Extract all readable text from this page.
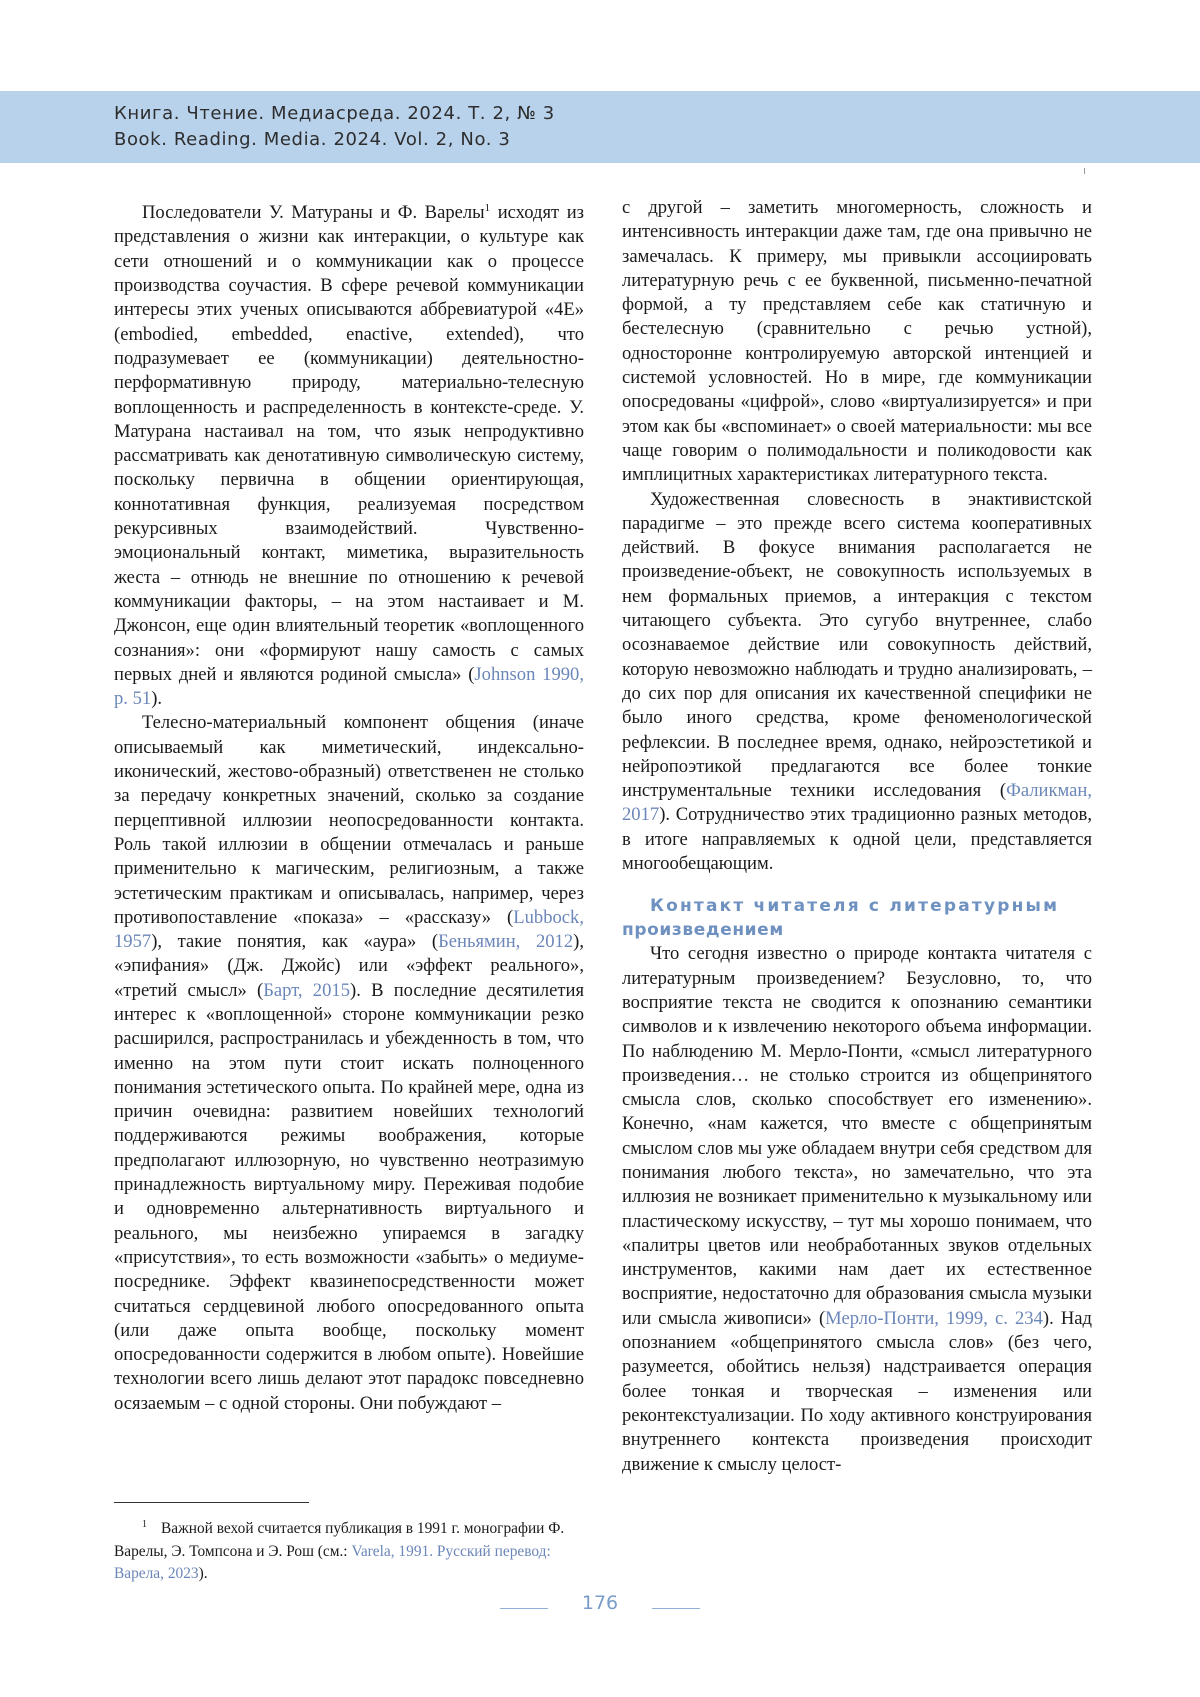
Книга. Чтение. Медиасреда. 2024. Т. 2, № 3
Book. Reading. Media. 2024. Vol. 2, No. 3

Последователи У. Матураны и Ф. Варелы$^1$ исходят из представления о жизни как интеракции, о культуре как сети отношений и о коммуникации как о процессе производства соучастия. В сфере речевой коммуникации интересы этих ученых описываются аббревиатурой «4E» (embodied, embedded, enactive, extended), что подразумевает ее (коммуникации) деятельностно-перформативную природу, материально-телесную воплощенность и распределенность в контексте-среде. У. Матурана настаивал на том, что язык непродуктивно рассматривать как денотативную символическую систему, поскольку первична в общении ориентирующая, коннотативная функция, реализуемая посредством рекурсивных взаимодействий. Чувственно-эмоциональный контакт, миметика, выразительность жеста – отнюдь не внешние по отношению к речевой коммуникации факторы, – на этом настаивает и М. Джонсон, еще один влиятельный теоретик «воплощенного сознания»: они «формируют нашу самость с самых первых дней и являются родиной смысла» (Johnson 1990, p. 51).

Телесно-материальный компонент общения (иначе описываемый как миметический, индексально-иконический, жестово-образный) ответственен не столько за передачу конкретных значений, сколько за создание перцептивной иллюзии неопосредованности контакта. Роль такой иллюзии в общении отмечалась и раньше применительно к магическим, религиозным, а также эстетическим практикам и описывалась, например, через противопоставление «показа» – «рассказу» (Lubbock, 1957), такие понятия, как «аура» (Беньямин, 2012), «эпифания» (Дж. Джойс) или «эффект реального», «третий смысл» (Барт, 2015). В последние десятилетия интерес к «воплощенной» стороне коммуникации резко расширился, распространилась и убежденность в том, что именно на этом пути стоит искать полноценного понимания эстетического опыта. По крайней мере, одна из причин очевидна: развитием новейших технологий поддерживаются режимы воображения, которые предполагают иллюзорную, но чувственно неотразимую принадлежность виртуальному миру. Переживая подобие и одновременно альтернативность виртуального и реального, мы неизбежно упираемся в загадку «присутствия», то есть возможности «забыть» о медиуме-посреднике. Эффект квазинепосредственности может считаться сердцевиной любого опосредованного опыта (или даже опыта вообще, поскольку момент опосредованности содержится в любом опыте). Новейшие технологии всего лишь делают этот парадокс повседневно осязаемым – с одной стороны. Они побуждают –

с другой – заметить многомерность, сложность и интенсивность интеракции даже там, где она привычно не замечалась. К примеру, мы привыкли ассоциировать литературную речь с ее буквенной, письменно-печатной формой, а ту представляем себе как статичную и бестелесную (сравнительно с речью устной), односторонне контролируемую авторской интенцией и системой условностей. Но в мире, где коммуникации опосредованы «цифрой», слово «виртуализируется» и при этом как бы «вспоминает» о своей материальности: мы все чаще говорим о полимодальности и поликодовости как имплицитных характеристиках литературного текста.

Художественная словесность в энактивистской парадигме – это прежде всего система кооперативных действий. В фокусе внимания располагается не произведение-объект, не совокупность используемых в нем формальных приемов, а интеракция с текстом читающего субъекта. Это сугубо внутреннее, слабо осознаваемое действие или совокупность действий, которую невозможно наблюдать и трудно анализировать, – до сих пор для описания их качественной специфики не было иного средства, кроме феноменологической рефлексии. В последнее время, однако, нейроэстетикой и нейропоэтикой предлагаются все более тонкие инструментальные техники исследования (Фаликман, 2017). Сотрудничество этих традиционно разных методов, в итоге направляемых к одной цели, представляется многообещающим.

Контакт читателя с литературным
произведением

Что сегодня известно о природе контакта читателя с литературным произведением? Безусловно, то, что восприятие текста не сводится к опознанию семантики символов и к извлечению некоторого объема информации. По наблюдению М. Мерло-Понти, «смысл литературного произведения… не столько строится из общепринятого смысла слов, сколько способствует его изменению». Конечно, «нам кажется, что вместе с общепринятым смыслом слов мы уже обладаем внутри себя средством для понимания любого текста», но замечательно, что эта иллюзия не возникает применительно к музыкальному или пластическому искусству, – тут мы хорошо понимаем, что «палитры цветов или необработанных звуков отдельных инструментов, какими нам дает их естественное восприятие, недостаточно для образования смысла музыки или смысла живописи» (Мерло-Понти, 1999, с. 234). Над опознанием «общепринятого смысла слов» (без чего, разумеется, обойтись нельзя) надстраивается операция более тонкая и творческая – изменения или реконтекстуализации. По ходу активного конструирования внутреннего контекста произведения происходит движение к смыслу целост-

$^1$ Важной вехой считается публикация в 1991 г. монографии Ф. Варелы, Э. Томпсона и Э. Рош (см.: Varela, 1991. Русский перевод: Варела, 2023).
176
